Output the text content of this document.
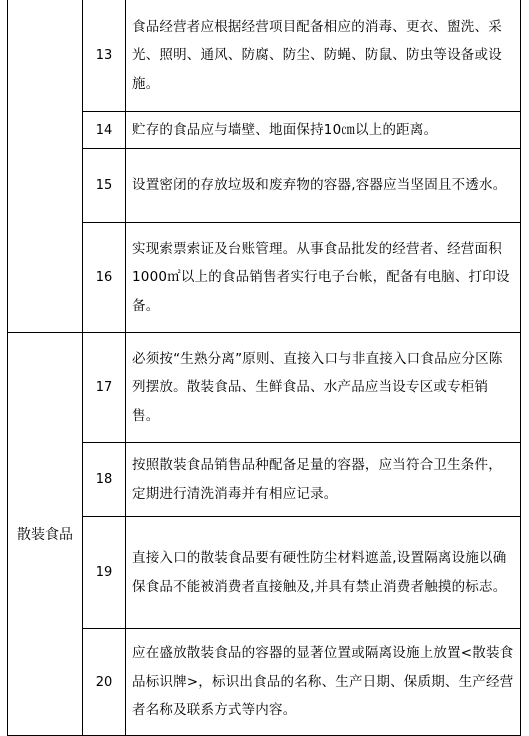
	13	食品经营者应根据经营项目配备相应的消毒、更衣、盥洗、采光、照明、通风、防腐、防尘、防蝇、防鼠、防虫等设备或设施。
	14	贮存的食品应与墙壁、地面保持10㎝以上的距离。
	15	设置密闭的存放垃圾和废弃物的容器,容器应当坚固且不透水。
	16	实现索票索证及台账管理。从事食品批发的经营者、经营面积1000㎡以上的食品销售者实行电子台帐，配备有电脑、打印设备。
散装食品	17	必须按“生熟分离”原则、直接入口与非直接入口食品应分区陈列摆放。散装食品、生鲜食品、水产品应当设专区或专柜销售。
	18	按照散装食品销售品种配备足量的容器，应当符合卫生条件，定期进行清洗消毒并有相应记录。
	19	直接入口的散装食品要有硬性防尘材料遮盖,设置隔离设施以确保食品不能被消费者直接触及,并具有禁止消费者触摸的标志。
	20	应在盛放散装食品的容器的显著位置或隔离设施上放置<散装食品标识牌>，标识出食品的名称、生产日期、保质期、生产经营者名称及联系方式等内容。
